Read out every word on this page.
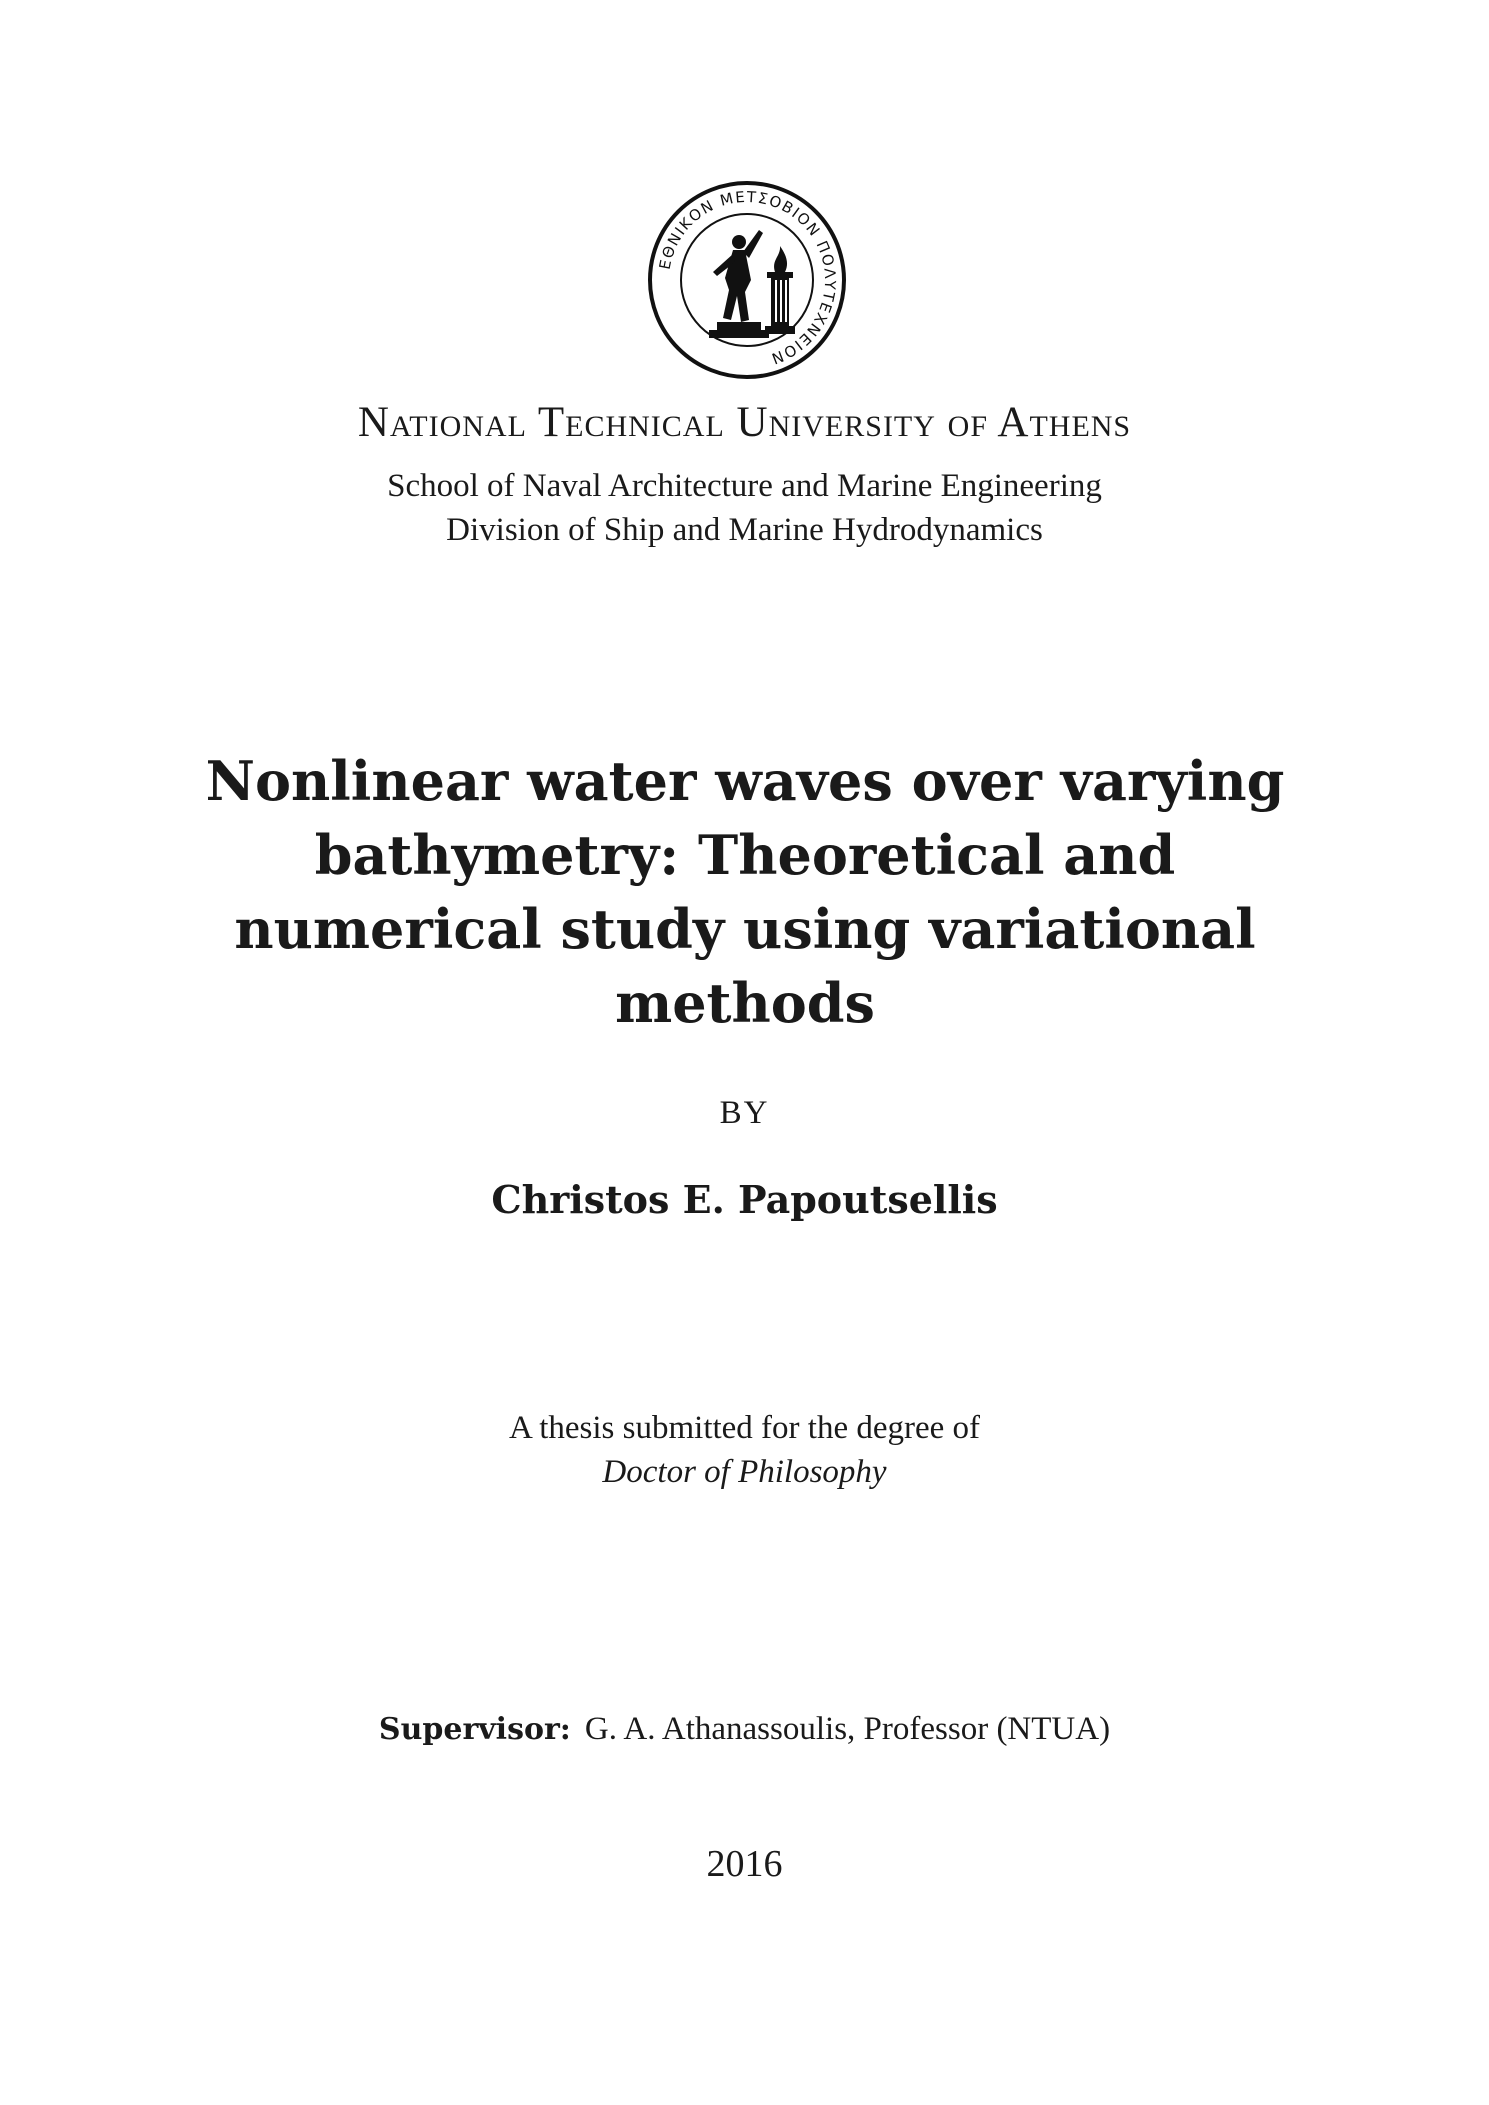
ΕΘΝΙΚΟΝ ΜΕΤΣΟΒΙΟΝ ΠΟΛΥΤΕΧΝΕΙΟΝ
National Technical University of Athens
School of Naval Architecture and Marine Engineering
Division of Ship and Marine Hydrodynamics
Nonlinear water waves over varying
bathymetry: Theoretical and
numerical study using variational
methods
BY
Christos E. Papoutsellis
A thesis submitted for the degree of
Doctor of Philosophy
Supervisor: G. A. Athanassoulis, Professor (NTUA)
2016
